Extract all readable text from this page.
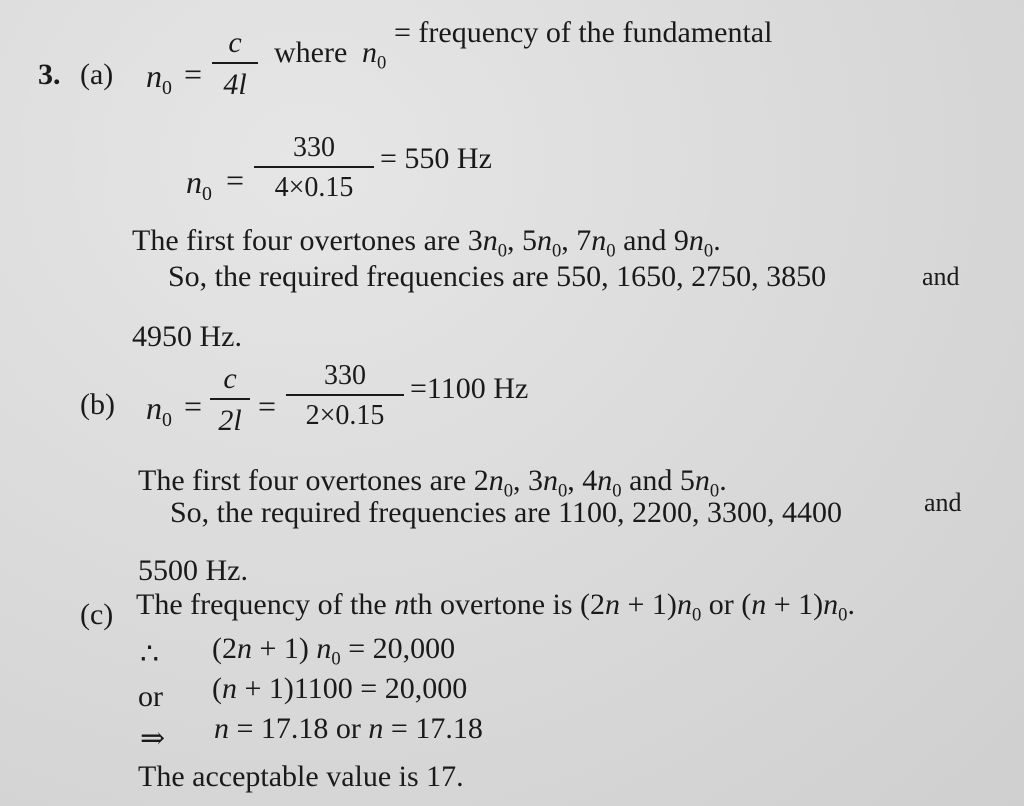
3. (a) $n_0$ =
c
4l
where $n_0$
= frequency of the fundamental
$n_0$ =
330
4×0.15
= 550 Hz
The first four overtones are $3n_0$, $5n_0$, $7n_0$ and $9n_0$.
So, the required frequencies are 550, 1650, 2750, 3850	and
4950 Hz.
(b) $n_0$ =
c
2l =
330
2×0.15
=1100 Hz
The first four overtones are $2n_0$, $3n_0$, $4n_0$ and $5n_0$.
So, the required frequencies are 1100, 2200, 3300, 4400	and
5500 Hz.
(c) The frequency of the nth overtone is $(2n + 1)n_0$ or $(n + 1)n_0$.
∴ (2n + 1) $n_0 = 20,000$
or (n + 1)1100 = 20,000
⇒ n = 17.18 or n = 17.18
The acceptable value is 17.
